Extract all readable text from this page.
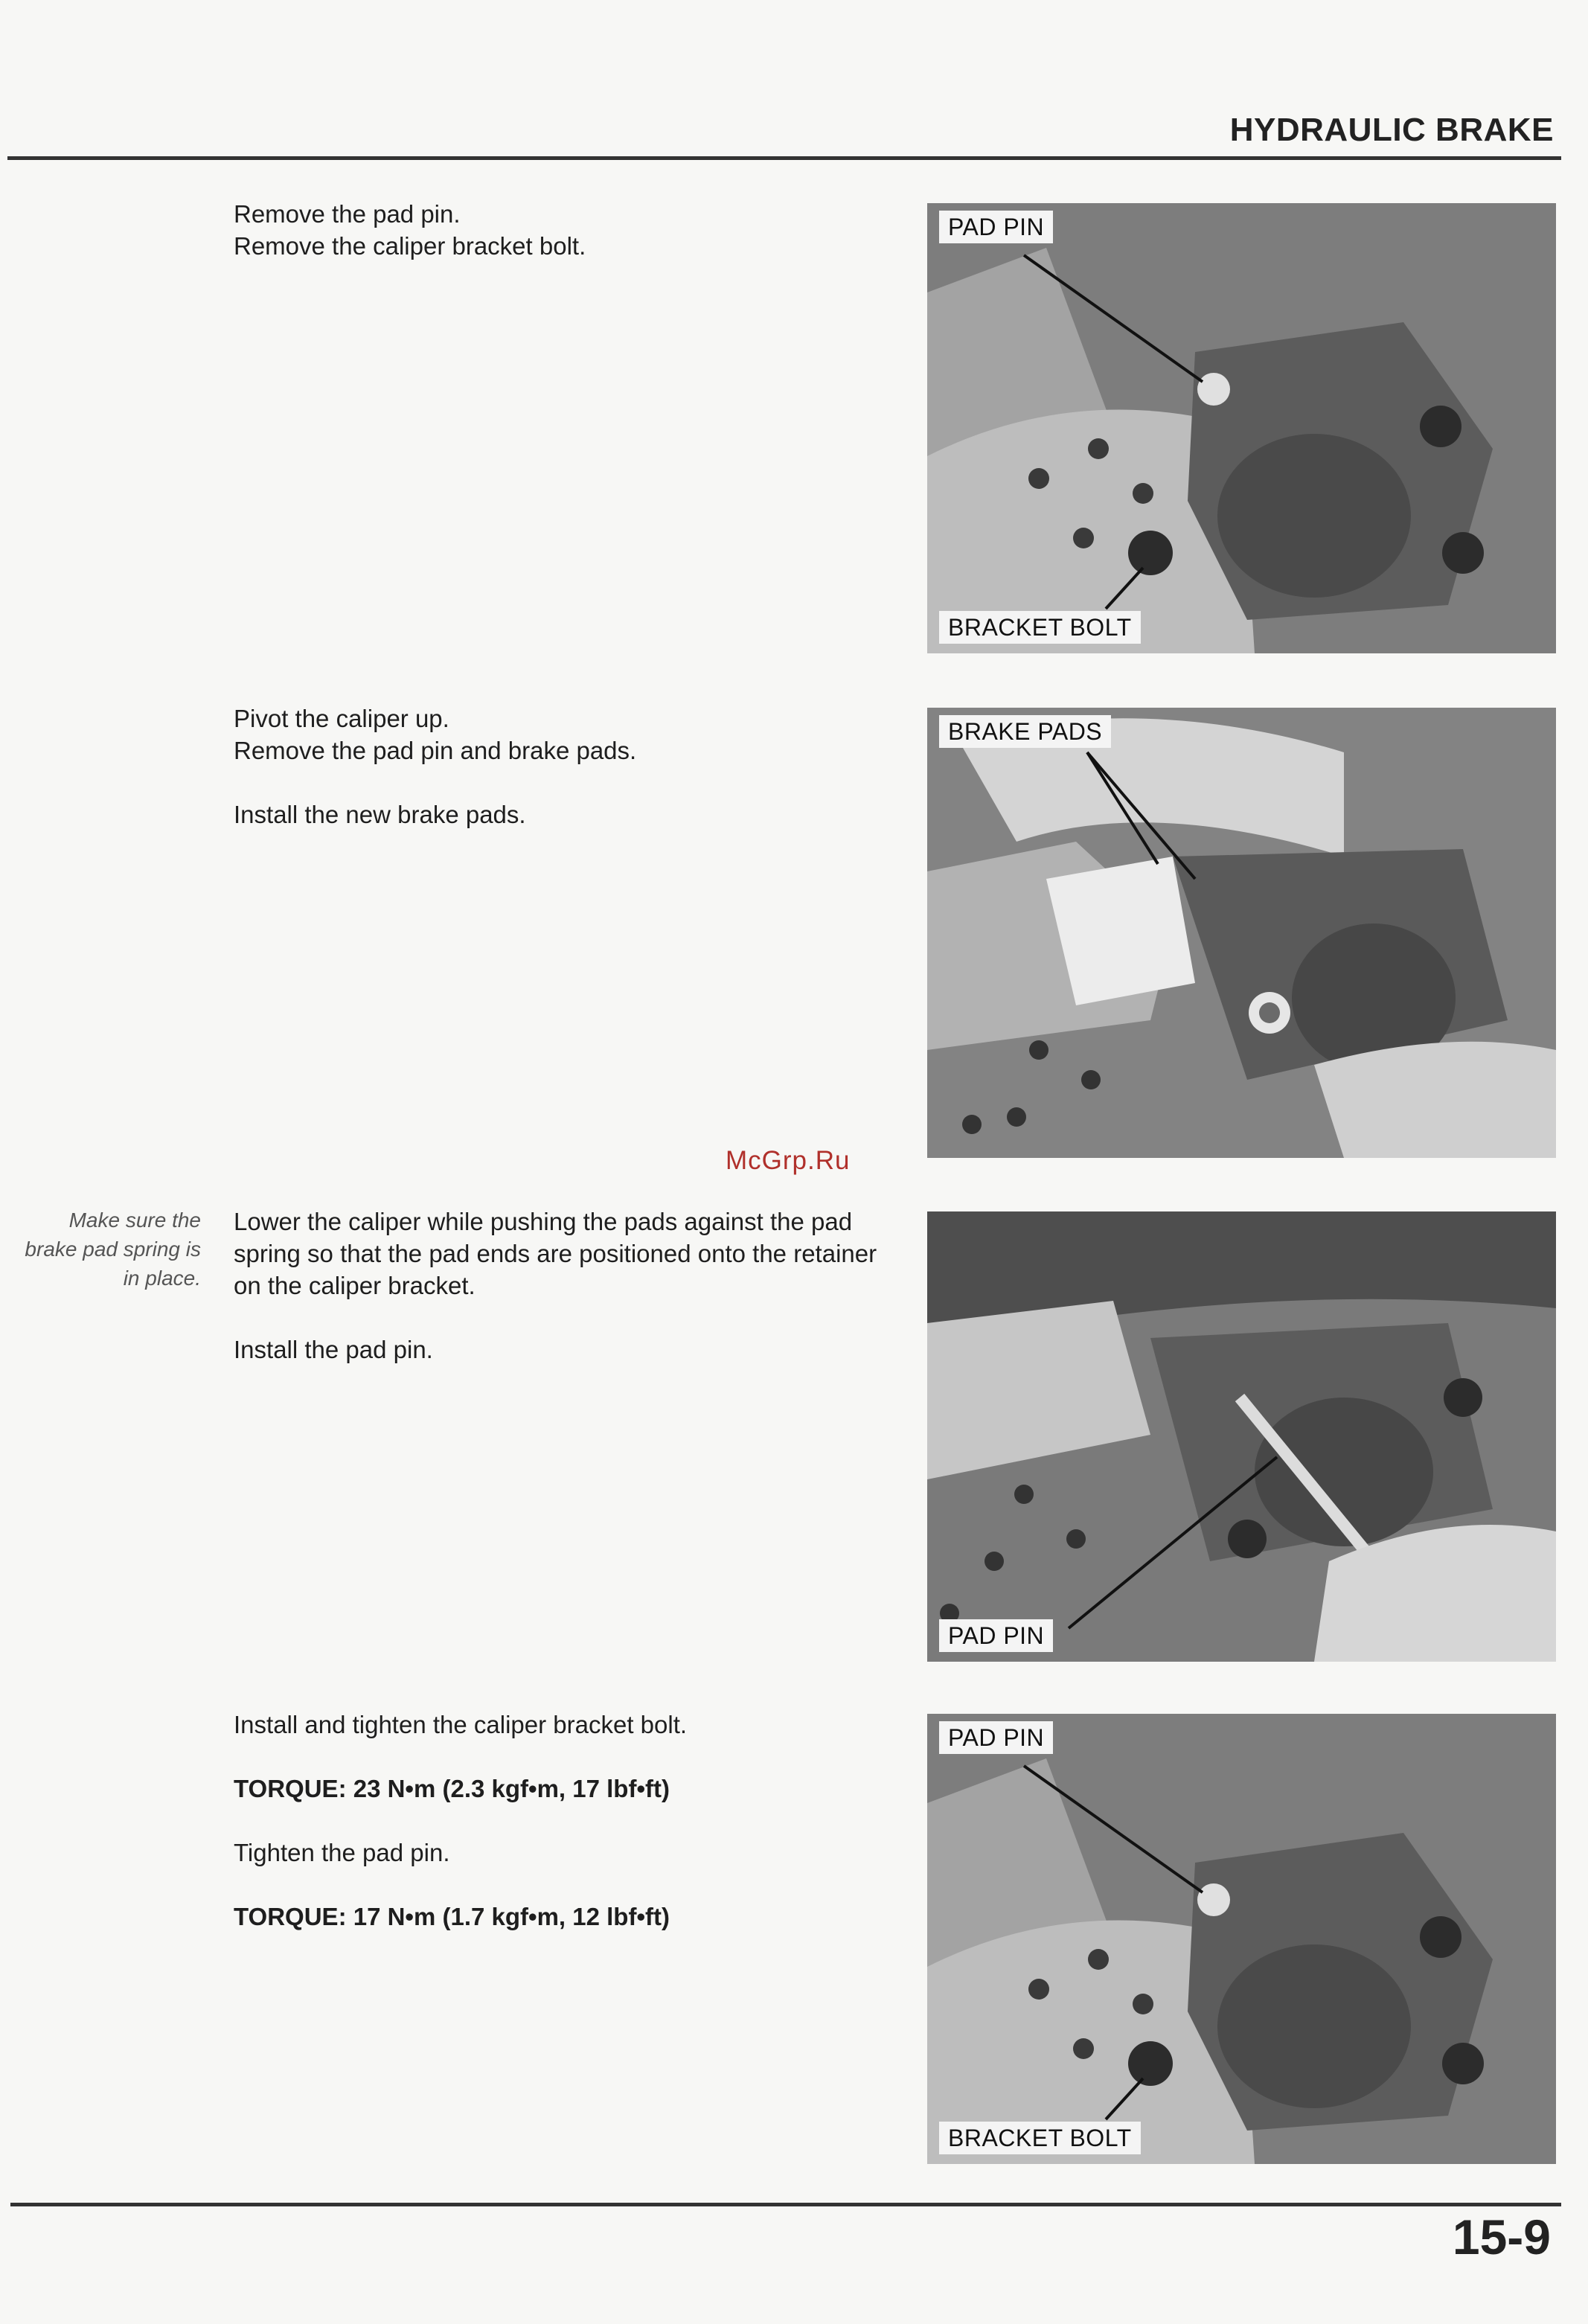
HYDRAULIC BRAKE

Remove the pad pin.

Remove the caliper bracket bolt.

PAD PIN
BRACKET BOLT

Pivot the caliper up.

Remove the pad pin and brake pads.

Install the new brake pads.

BRAKE PADS
McGrp.Ru
Make sure the brake pad spring is in place.

Lower the caliper while pushing the pads against the pad spring so that the pad ends are positioned onto the retainer on the caliper bracket.

Install the pad pin.

PAD PIN

Install and tighten the caliper bracket bolt.

TORQUE: 23 N•m (2.3 kgf•m, 17 lbf•ft)

Tighten the pad pin.

TORQUE: 17 N•m (1.7 kgf•m, 12 lbf•ft)

PAD PIN
BRACKET BOLT
15-9
